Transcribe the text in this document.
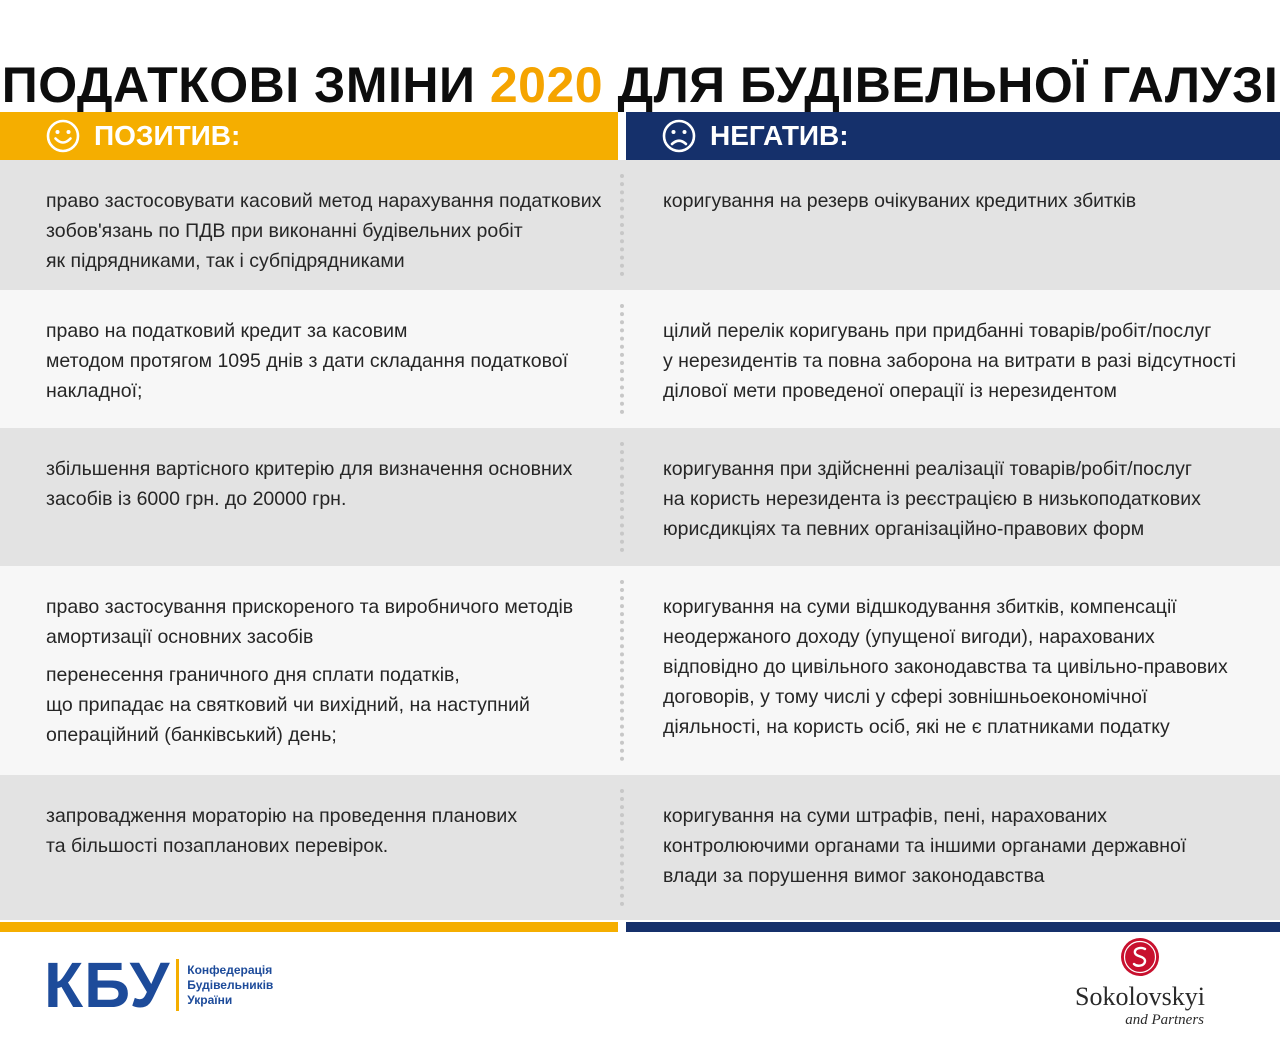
ПОДАТКОВІ ЗМІНИ 2020 ДЛЯ БУДІВЕЛЬНОЇ ГАЛУЗІ
ПОЗИТИВ:	НЕГАТИВ:
право застосовувати касовий метод нарахування податкових
зобов'язань по ПДВ при виконанні будівельних робіт
як підрядниками, так і субпідрядниками
коригування на резерв очікуваних кредитних збитків
право на податковий кредит за касовим
методом протягом 1095 днів з дати складання податкової
накладної;
цілий перелік коригувань при придбанні товарів/робіт/послуг
у нерезидентів та повна заборона на витрати в разі відсутності
ділової мети проведеної операції із нерезидентом
збільшення вартісного критерію для визначення основних
засобів із 6000 грн. до 20000 грн.
коригування при здійсненні реалізації товарів/робіт/послуг
на користь нерезидента із реєстрацією в низькоподаткових
юрисдикціях та певних організаційно-правових форм
право застосування прискореного та виробничого методів
амортизації основних засобів
перенесення граничного дня сплати податків,
що припадає на святковий чи вихідний, на наступний
операційний (банківський) день;
коригування на суми відшкодування збитків, компенсації
неодержаного доходу (упущеної вигоди), нарахованих
відповідно до цивільного законодавства та цивільно-правових
договорів, у тому числі у сфері зовнішньоекономічної
діяльності, на користь осіб, які не є платниками податку
запровадження мораторію на проведення планових
та більшості позапланових перевірок.
коригування на суми штрафів, пені, нарахованих
контролюючими органами та іншими органами державної
влади за порушення вимог законодавства
КБУ Конфедерація
Будівельників
України	Sokolovskyi
and Partners
